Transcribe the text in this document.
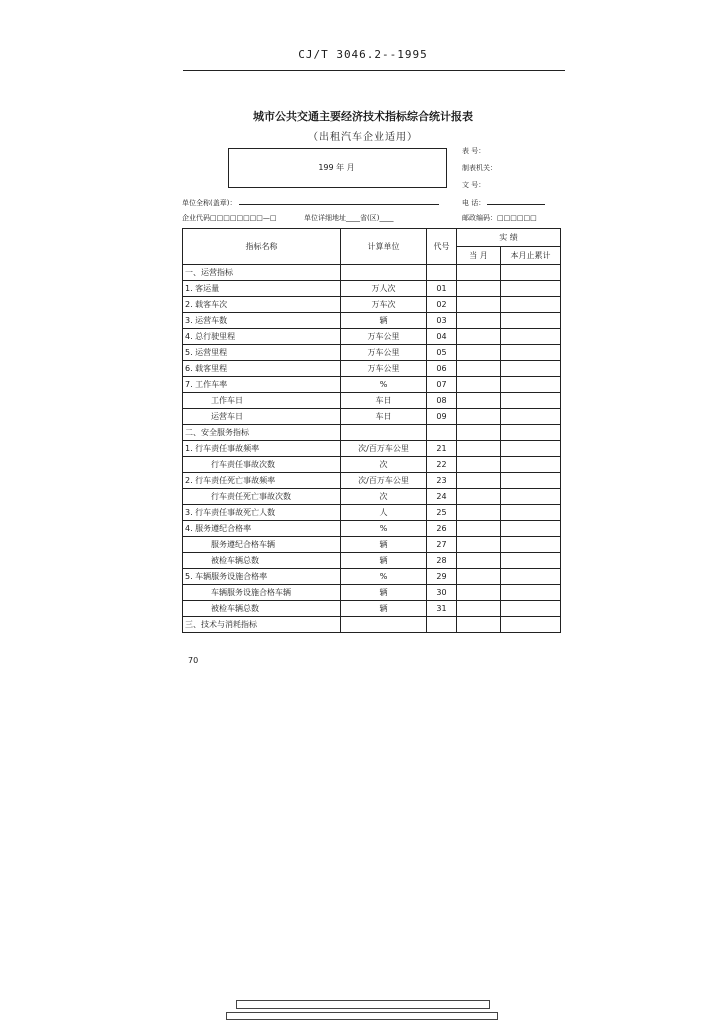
CJ/T 3046.2--1995
城市公共交通主要经济技术指标综合统计报表
（出租汽车企业适用）
199 年 月
表 号：
制表机关：
文 号：
单位全称(盖章)：	电 话：
企业代码□□□□□□□□—□	单位详细地址____省(区)____	邮政编码：□□□□□□
指标名称	计算单位	代号	实 绩	
			当 月	本月止累计
一、运营指标				
1. 客运量	万人次	01		
2. 载客车次	万车次	02		
3. 运营车数	辆	03		
4. 总行驶里程	万车公里	04		
5. 运营里程	万车公里	05		
6. 载客里程	万车公里	06		
7. 工作车率	%	07		
工作车日	车日	08		
运营车日	车日	09		
二、安全服务指标				
1. 行车责任事故频率	次/百万车公里	21		
行车责任事故次数	次	22		
2. 行车责任死亡事故频率	次/百万车公里	23		
行车责任死亡事故次数	次	24		
3. 行车责任事故死亡人数	人	25		
4. 服务遵纪合格率	%	26		
服务遵纪合格车辆	辆	27		
被检车辆总数	辆	28		
5. 车辆服务设施合格率	%	29		
车辆服务设施合格车辆	辆	30		
被检车辆总数	辆	31		
三、技术与消耗指标				
70
